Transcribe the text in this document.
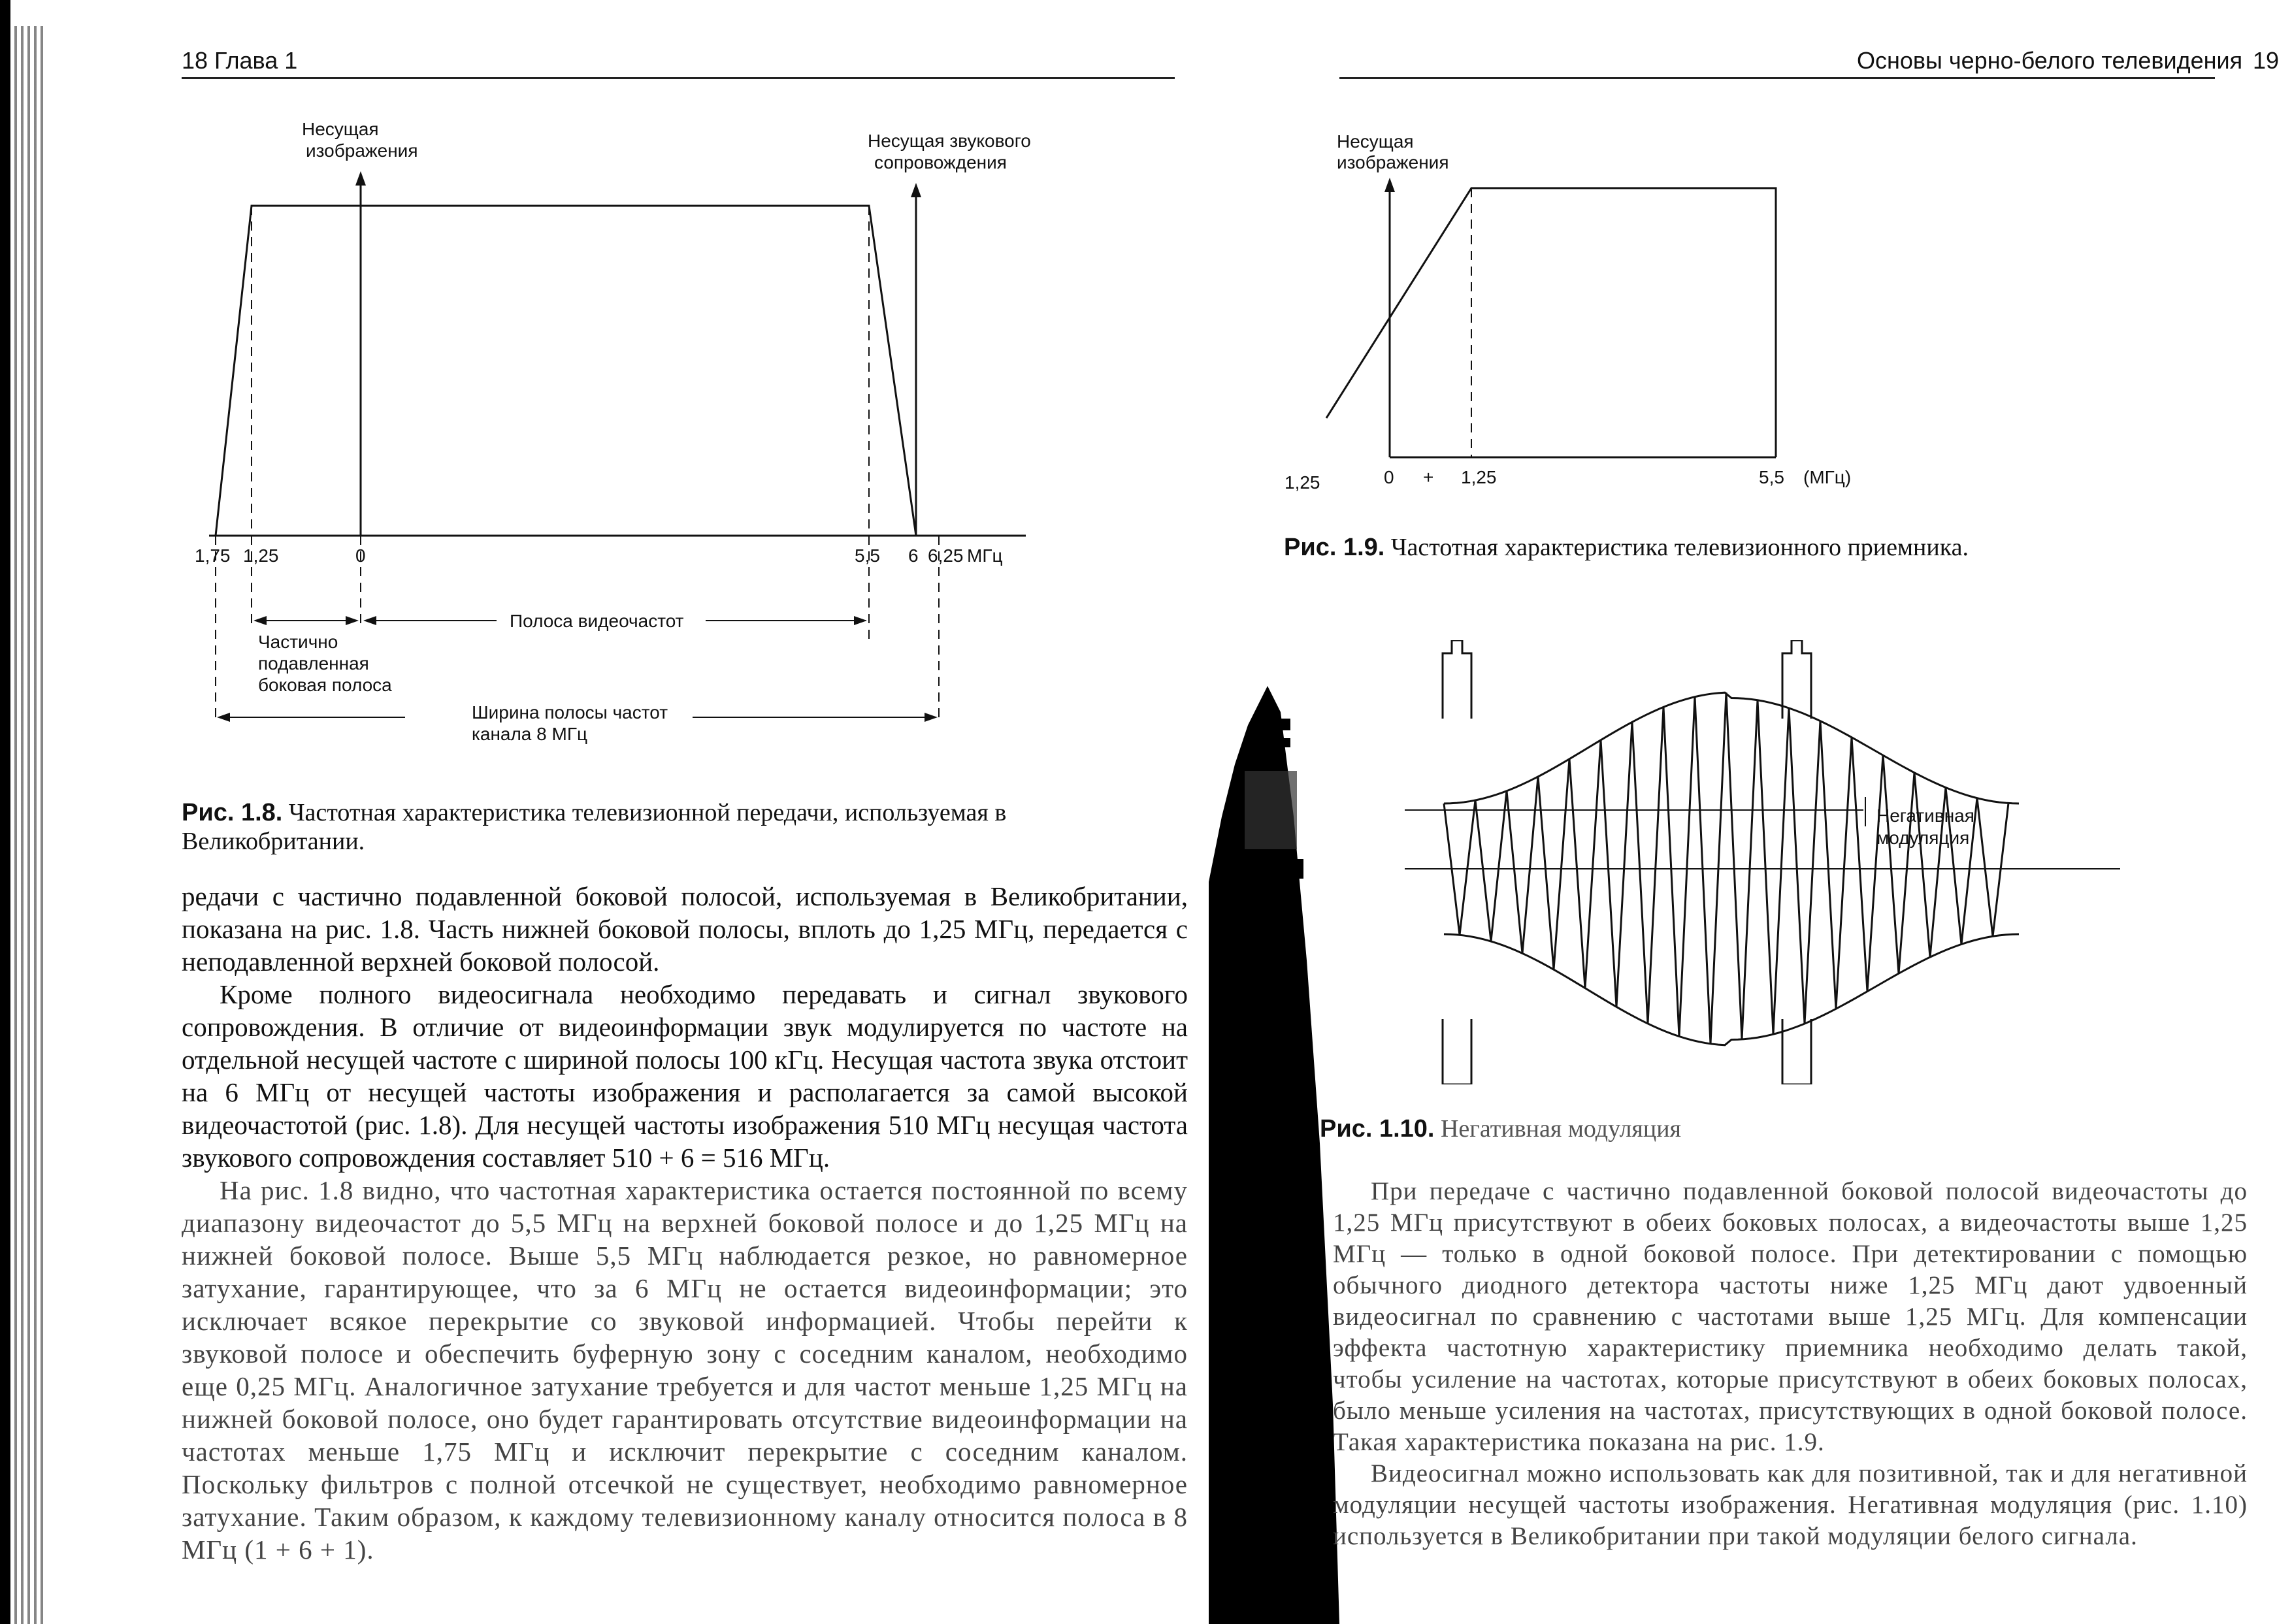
18 Глава 1
Несущая
изображения	Несущая звукового
сопровождения
1,75 1,25	0	5,5 6 6,25 МГц
Полоса видеочастот
Частично
подавленная
боковая полоса
Ширина полосы частот
канала 8 МГц
Рис. 1.8. Частотная характеристика телевизионной передачи, используемая в Великобритании.

редачи с частично подавленной боковой полосой, используемая в Великобритании, показана на рис. 1.8. Часть нижней боковой полосы, вплоть до 1,25 МГц, передается с неподавленной верхней боковой полосой.

Кроме полного видеосигнала необходимо передавать и сигнал звукового сопровождения. В отличие от видеоинформации звук модулируется по частоте на отдельной несущей частоте с шириной полосы 100 кГц. Несущая частота звука отстоит на 6 МГц от несущей частоты изображения и располагается за самой высокой видеочастотой (рис. 1.8). Для несущей частоты изображения 510 МГц несущая частота звукового сопровождения составляет 510 + 6 = 516 МГц.

На рис. 1.8 видно, что частотная характеристика остается постоянной по всему диапазону видеочастот до 5,5 МГц на верхней боковой полосе и до 1,25 МГц на нижней боковой полосе. Выше 5,5 МГц наблюдается резкое, но равномерное затухание, гарантирующее, что за 6 МГц не остается видеоинформации; это исключает всякое перекрытие со звуковой информацией. Чтобы перейти к звуковой полосе и обеспечить буферную зону с соседним каналом, необходимо еще 0,25 МГц. Аналогичное затухание требуется и для частот меньше 1,25 МГц на нижней боковой полосе, оно будет гарантировать отсутствие видеоинформации на частотах меньше 1,75 МГц и исключит перекрытие с соседним каналом. Поскольку фильтров с полной отсечкой не существует, необходимо равномерное затухание. Таким образом, к каждому телевизионному каналу относится полоса в 8 МГц (1 + 6 + 1).

Основы черно-белого телевидения 19
Несущая
изображения
1,25	0 + 1,25	5,5 (МГц)
Рис. 1.9. Частотная характеристика телевизионного приемника.
Негативная
модуляция
Рис. 1.10. Негативная модуляция

При передаче с частично подавленной боковой полосой видеочастоты до 1,25 МГц присутствуют в обеих боковых полосах, а видеочастоты выше 1,25 МГц — только в одной боковой полосе. При детектировании с помощью обычного диодного детектора частоты ниже 1,25 МГц дают удвоенный видеосигнал по сравнению с частотами выше 1,25 МГц. Для компенсации эффекта частотную характеристику приемника необходимо делать такой, чтобы усиление на частотах, которые присутствуют в обеих боковых полосах, было меньше усиления на частотах, присутствующих в одной боковой полосе. Такая характеристика показана на рис. 1.9.

Видеосигнал можно использовать как для позитивной, так и для негативной модуляции несущей частоты изображения. Негативная модуляция (рис. 1.10) используется в Великобритании при такой модуляции белого сигнала.
